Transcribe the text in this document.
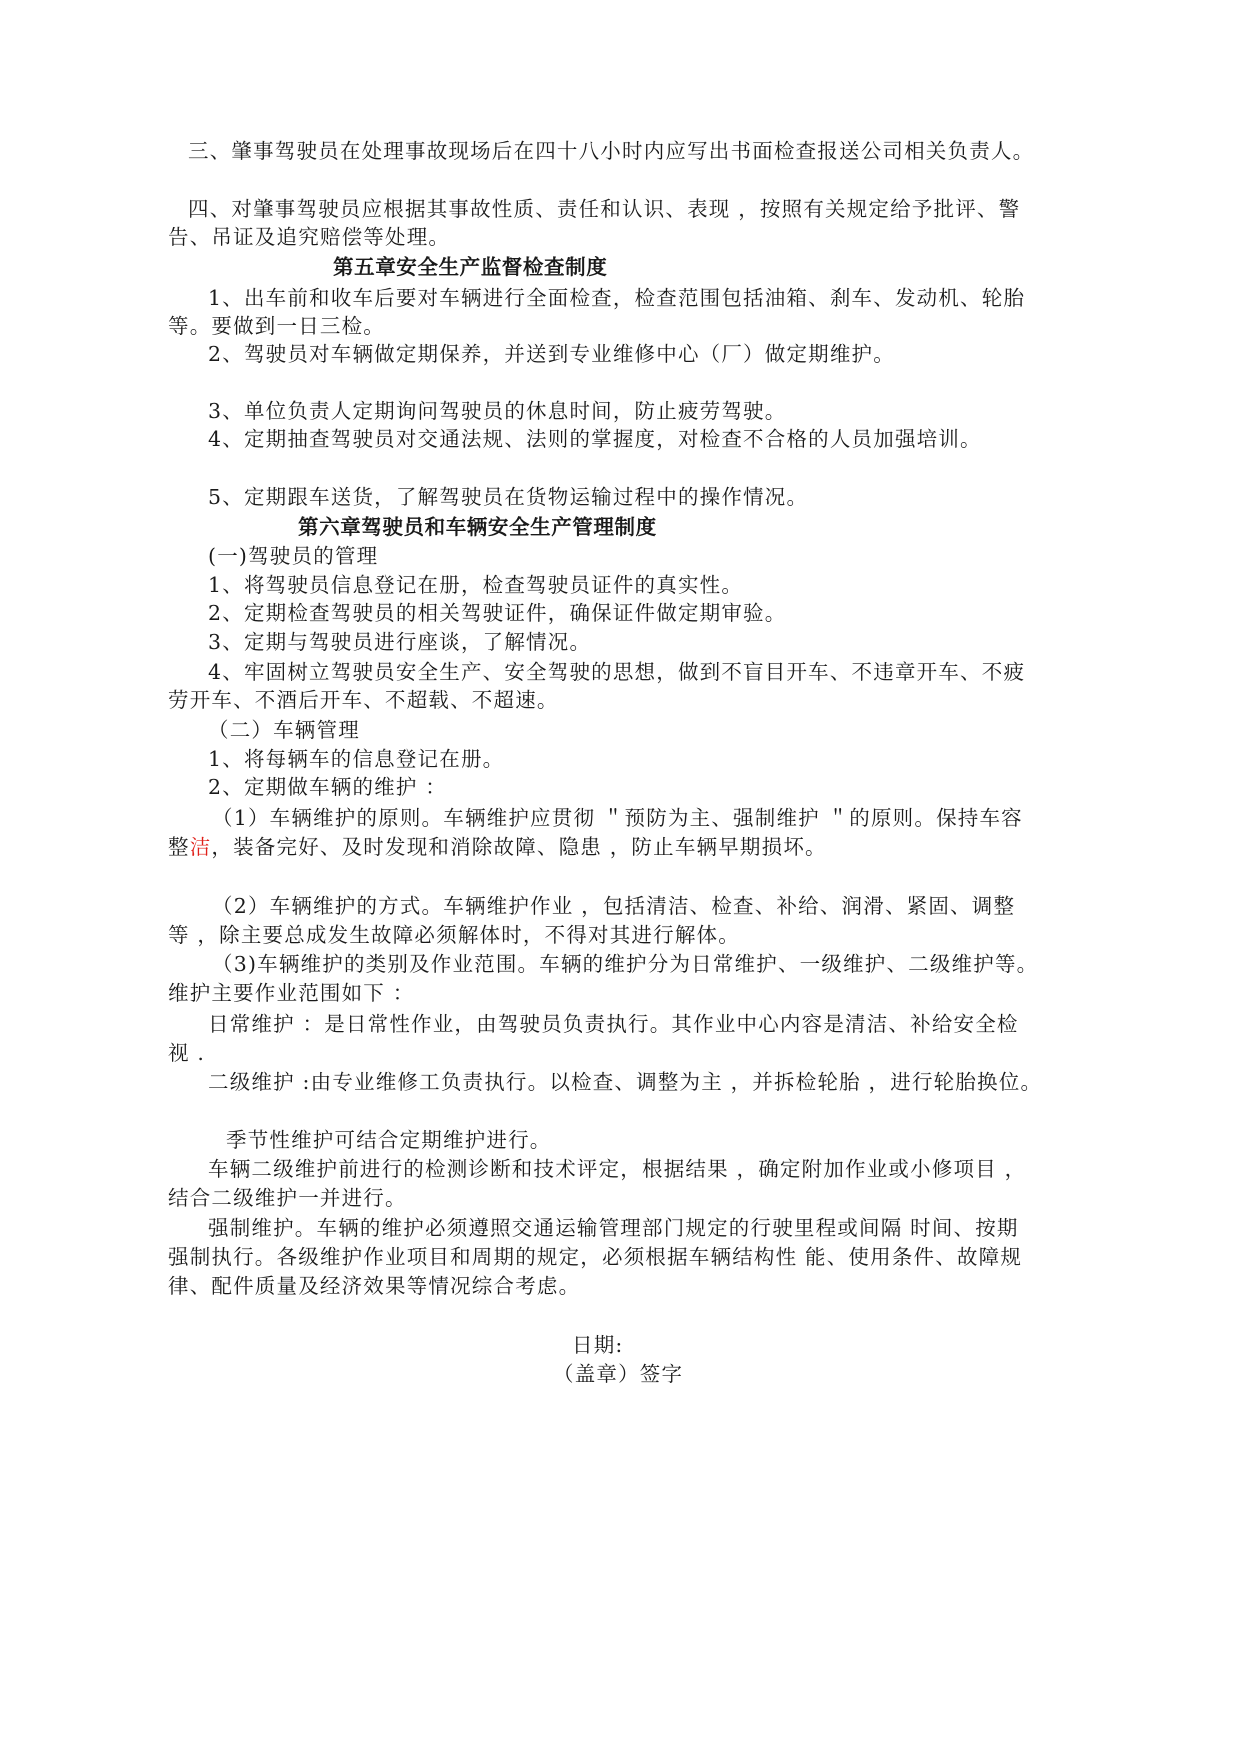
三、肇事驾驶员在处理事故现场后在四十八小时内应写出书面检查报送公司相关负责人。
四、对肇事驾驶员应根据其事故性质、责任和认识、表现 ，按照有关规定给予批评、警
告、吊证及追究赔偿等处理。
第五章安全生产监督检查制度
1、出车前和收车后要对车辆进行全面检查，检查范围包括油箱、刹车、发动机、轮胎
等。要做到一日三检。
2、驾驶员对车辆做定期保养，并送到专业维修中心（厂）做定期维护。
3、单位负责人定期询问驾驶员的休息时间，防止疲劳驾驶。
4、定期抽查驾驶员对交通法规、法则的掌握度，对检查不合格的人员加强培训。
5、定期跟车送货，了解驾驶员在货物运输过程中的操作情况。
第六章驾驶员和车辆安全生产管理制度
(一)驾驶员的管理
1、将驾驶员信息登记在册，检查驾驶员证件的真实性。
2、定期检查驾驶员的相关驾驶证件，确保证件做定期审验。
3、定期与驾驶员进行座谈，了解情况。
4、牢固树立驾驶员安全生产、安全驾驶的思想，做到不盲目开车、不违章开车、不疲
劳开车、不酒后开车、不超载、不超速。
（二）车辆管理
1、将每辆车的信息登记在册。
2、定期做车辆的维护 ：
（1）车辆维护的原则。车辆维护应贯彻 ＂预防为主、强制维护 ＂的原则。保持车容
整洁，装备完好、及时发现和消除故障、隐患 ，防止车辆早期损坏。
（2）车辆维护的方式。车辆维护作业 ，包括清洁、检查、补给、润滑、紧固、调整
等 ，除主要总成发生故障必须解体时，不得对其进行解体。
（3)车辆维护的类别及作业范围。车辆的维护分为日常维护、一级维护、二级维护等。
维护主要作业范围如下 ：
日常维护 ：是日常性作业，由驾驶员负责执行。其作业中心内容是清洁、补给安全检
视 .
二级维护 :由专业维修工负责执行。以检查、调整为主 ，并拆检轮胎 ，进行轮胎换位。
季节性维护可结合定期维护进行。
车辆二级维护前进行的检测诊断和技术评定，根据结果 ，确定附加作业或小修项目 ，
结合二级维护一并进行。
强制维护。车辆的维护必须遵照交通运输管理部门规定的行驶里程或间隔 时间、按期
强制执行。各级维护作业项目和周期的规定，必须根据车辆结构性 能、使用条件、故障规
律、配件质量及经济效果等情况综合考虑。
日期:
（盖章）签字
